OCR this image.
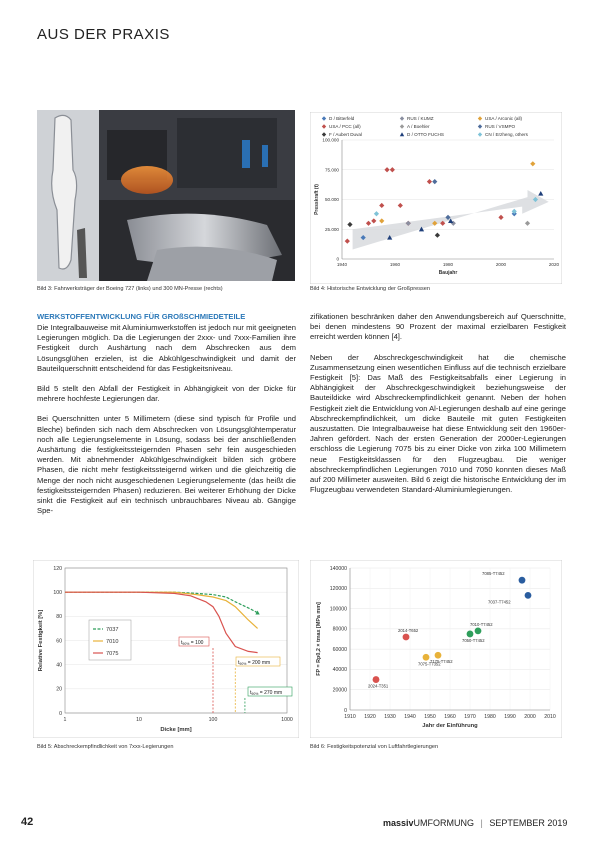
AUS DER PRAXIS
Bild 3: Fahrwerksträger der Boeing 727 (links) und 300 MN-Presse (rechts)
D / Bitterfeld	RUS / KUMZ	USA / Arconic (all)
USA / PCC (all)	A / Boehler	RUS / VSMPO
F / Aubert Duval	D / OTTO FUCHS	CN / Erzheng, others
0
25.000
50.000
75.000
100.000
1940	1960	1980	2000	2020
Baujahr
Presskraft (t)
Bild 4: Historische Entwicklung der Großpressen
WERKSTOFFENTWICKLUNG FÜR GROßSCHMIEDETEILE

Die Integralbauweise mit Aluminiumwerkstoffen ist jedoch nur mit geeigneten Legierungen möglich. Da die Legierungen der 2xxx- und 7xxx-Familien ihre Festigkeit durch Aushärtung nach dem Abschrecken aus dem Lösungsglühen erzielen, ist die Abkühlgeschwindigkeit und damit der Bauteilquerschnitt entscheidend für das Festigkeitsniveau.

Bild 5 stellt den Abfall der Festigkeit in Abhängigkeit von der Dicke für mehrere hochfeste Legierungen dar.

Bei Querschnitten unter 5 Millimetern (diese sind typisch für Profile und Bleche) befinden sich nach dem Abschrecken von Lösungsglühtemperatur noch alle Legierungselemente in Lösung, sodass bei der anschließenden Aushärtung die festigkeitssteigernden Phasen sehr fein ausgeschieden werden. Mit abnehmender Abkühlgeschwindigkeit bilden sich gröbere Phasen, die nicht mehr festigkeitssteigernd wirken und die gleichzeitig die Menge der noch nicht ausgeschiedenen Legierungselemente (das heißt die festigkeitssteigernden Phasen) reduzieren. Bei weiterer Erhöhung der Dicke sinkt die Festigkeit auf ein technisch unbrauchbares Niveau ab. Gängige Spe-

zifikationen beschränken daher den Anwendungsbereich auf Querschnitte, bei denen mindestens 90 Prozent der maximal erzielbaren Festigkeit erreicht werden können [4].

Neben der Abschreckgeschwindigkeit hat die chemische Zusammensetzung einen wesentlichen Einfluss auf die technisch erzielbare Festigkeit [5]: Das Maß des Festigkeitsabfalls einer Legierung in Abhängigkeit der Abschreckgeschwindigkeit beziehungsweise der Bauteildicke wird Abschreckempfindlichkeit genannt. Neben der hohen Festigkeit zielt die Entwicklung von Al-Legierungen deshalb auf eine geringe Abschreckempfindlichkeit, um dicke Bauteile mit guten Festigkeiten auszustatten. Die Integralbauweise hat diese Entwicklung seit den 1960er-Jahren gefördert. Nach der ersten Generation der 2000er-Legierungen erschloss die Legierung 7075 bis zu einer Dicke von zirka 100 Millimetern neue Festigkeitsklassen für den Flugzeugbau. Die weniger abschreckempfindlichen Legierungen 7010 und 7050 konnten dieses Maß auf 200 Millimeter ausweiten. Bild 6 zeigt die historische Entwicklung der im Flugzeugbau verwendeten Standard-Aluminiumlegierungen.

0
20
40
60
80
100
120
1	10	100	1000
Dicke [mm]
Relative Festigkeit [%]	7037
7010
7075
$t_{90\%} = 100$
$t_{90\%} = 200$ mm
$t_{90\%} = 270$ mm
Bild 5: Abschreckempfindlichkeit von 7xxx-Legierungen
0
20000
40000
60000
80000
100000
120000
140000
1910 1920 1930 1940 1950 1960 1970 1980 1990 2000 2010
Jahr der Einführung
FP = Rp0,2 × tmax [MPa mm]
2024-T351
2014-T652
7075-T7352
7175-T7452
7050-T7452
7010-T7452
7085-T7452
7037-T7452
Bild 6: Festigkeitspotenzial von Luftfahrtlegierungen
42	massivUMFORMUNG | SEPTEMBER 2019
